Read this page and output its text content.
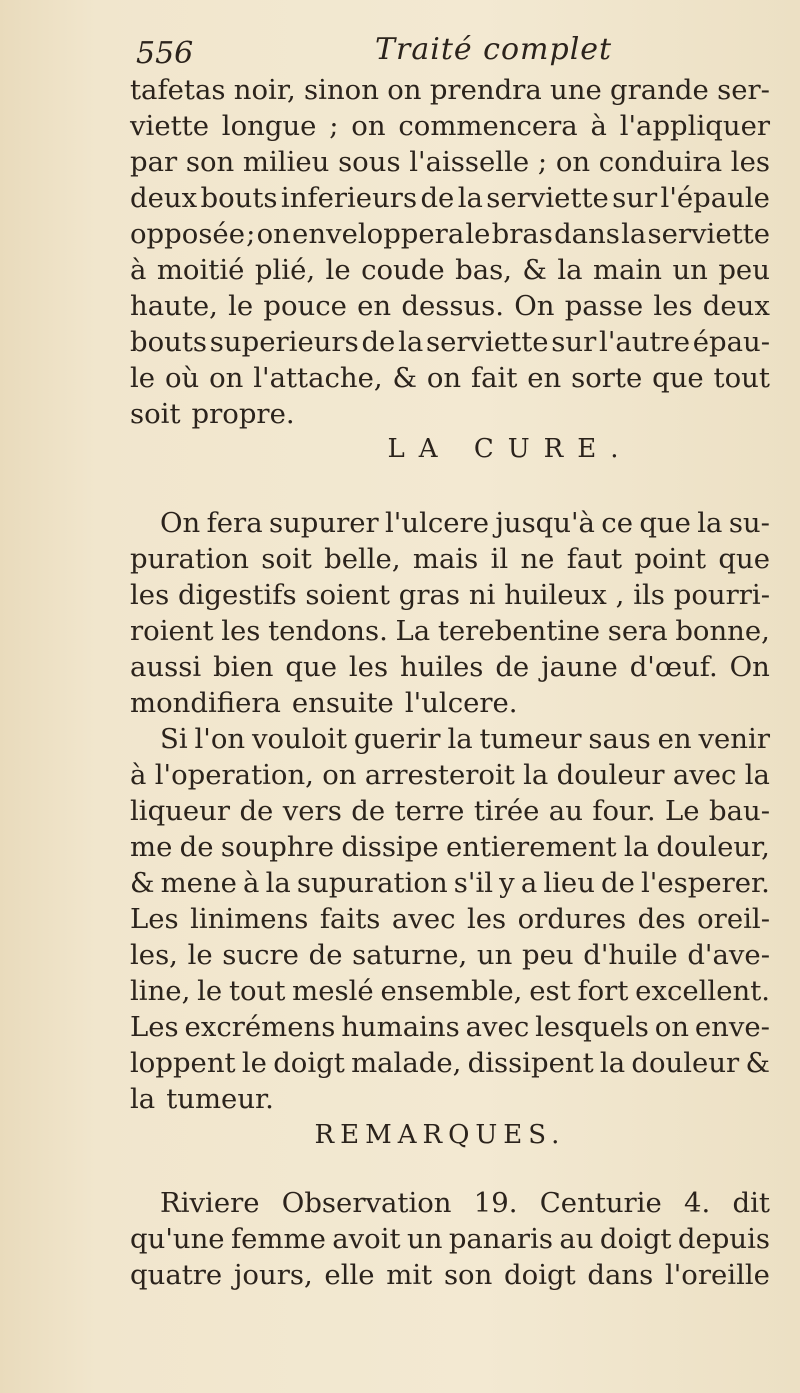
556	Traité complet
tafetas noir, sinon on prendra une grande ser-
viette longue ; on commencera à l'appliquer
par son milieu sous l'aisselle ; on conduira les
deux bouts inferieurs de la serviette sur l'épaule
opposée ; on enveloppera le bras dans la serviette
à moitié plié, le coude bas, & la main un peu
haute, le pouce en dessus. On passe les deux
bouts superieurs de la serviette sur l'autre épau-
le où on l'attache, & on fait en sorte que tout
soit propre.
LA CURE.
On fera supurer l'ulcere jusqu'à ce que la su-
puration soit belle, mais il ne faut point que
les digestifs soient gras ni huileux , ils pourri-
roient les tendons. La terebentine sera bonne,
aussi bien que les huiles de jaune d'œuf. On
mondifiera ensuite l'ulcere.
Si l'on vouloit guerir la tumeur saus en venir
à l'operation, on arresteroit la douleur avec la
liqueur de vers de terre tirée au four. Le bau-
me de souphre dissipe entierement la douleur,
& mene à la supuration s'il y a lieu de l'esperer.
Les linimens faits avec les ordures des oreil-
les, le sucre de saturne, un peu d'huile d'ave-
line, le tout meslé ensemble, est fort excellent.
Les excrémens humains avec lesquels on enve-
loppent le doigt malade, dissipent la douleur &
la tumeur.
REMARQUES.
Riviere Observation 19. Centurie 4. dit
qu'une femme avoit un panaris au doigt depuis
quatre jours, elle mit son doigt dans l'oreille
